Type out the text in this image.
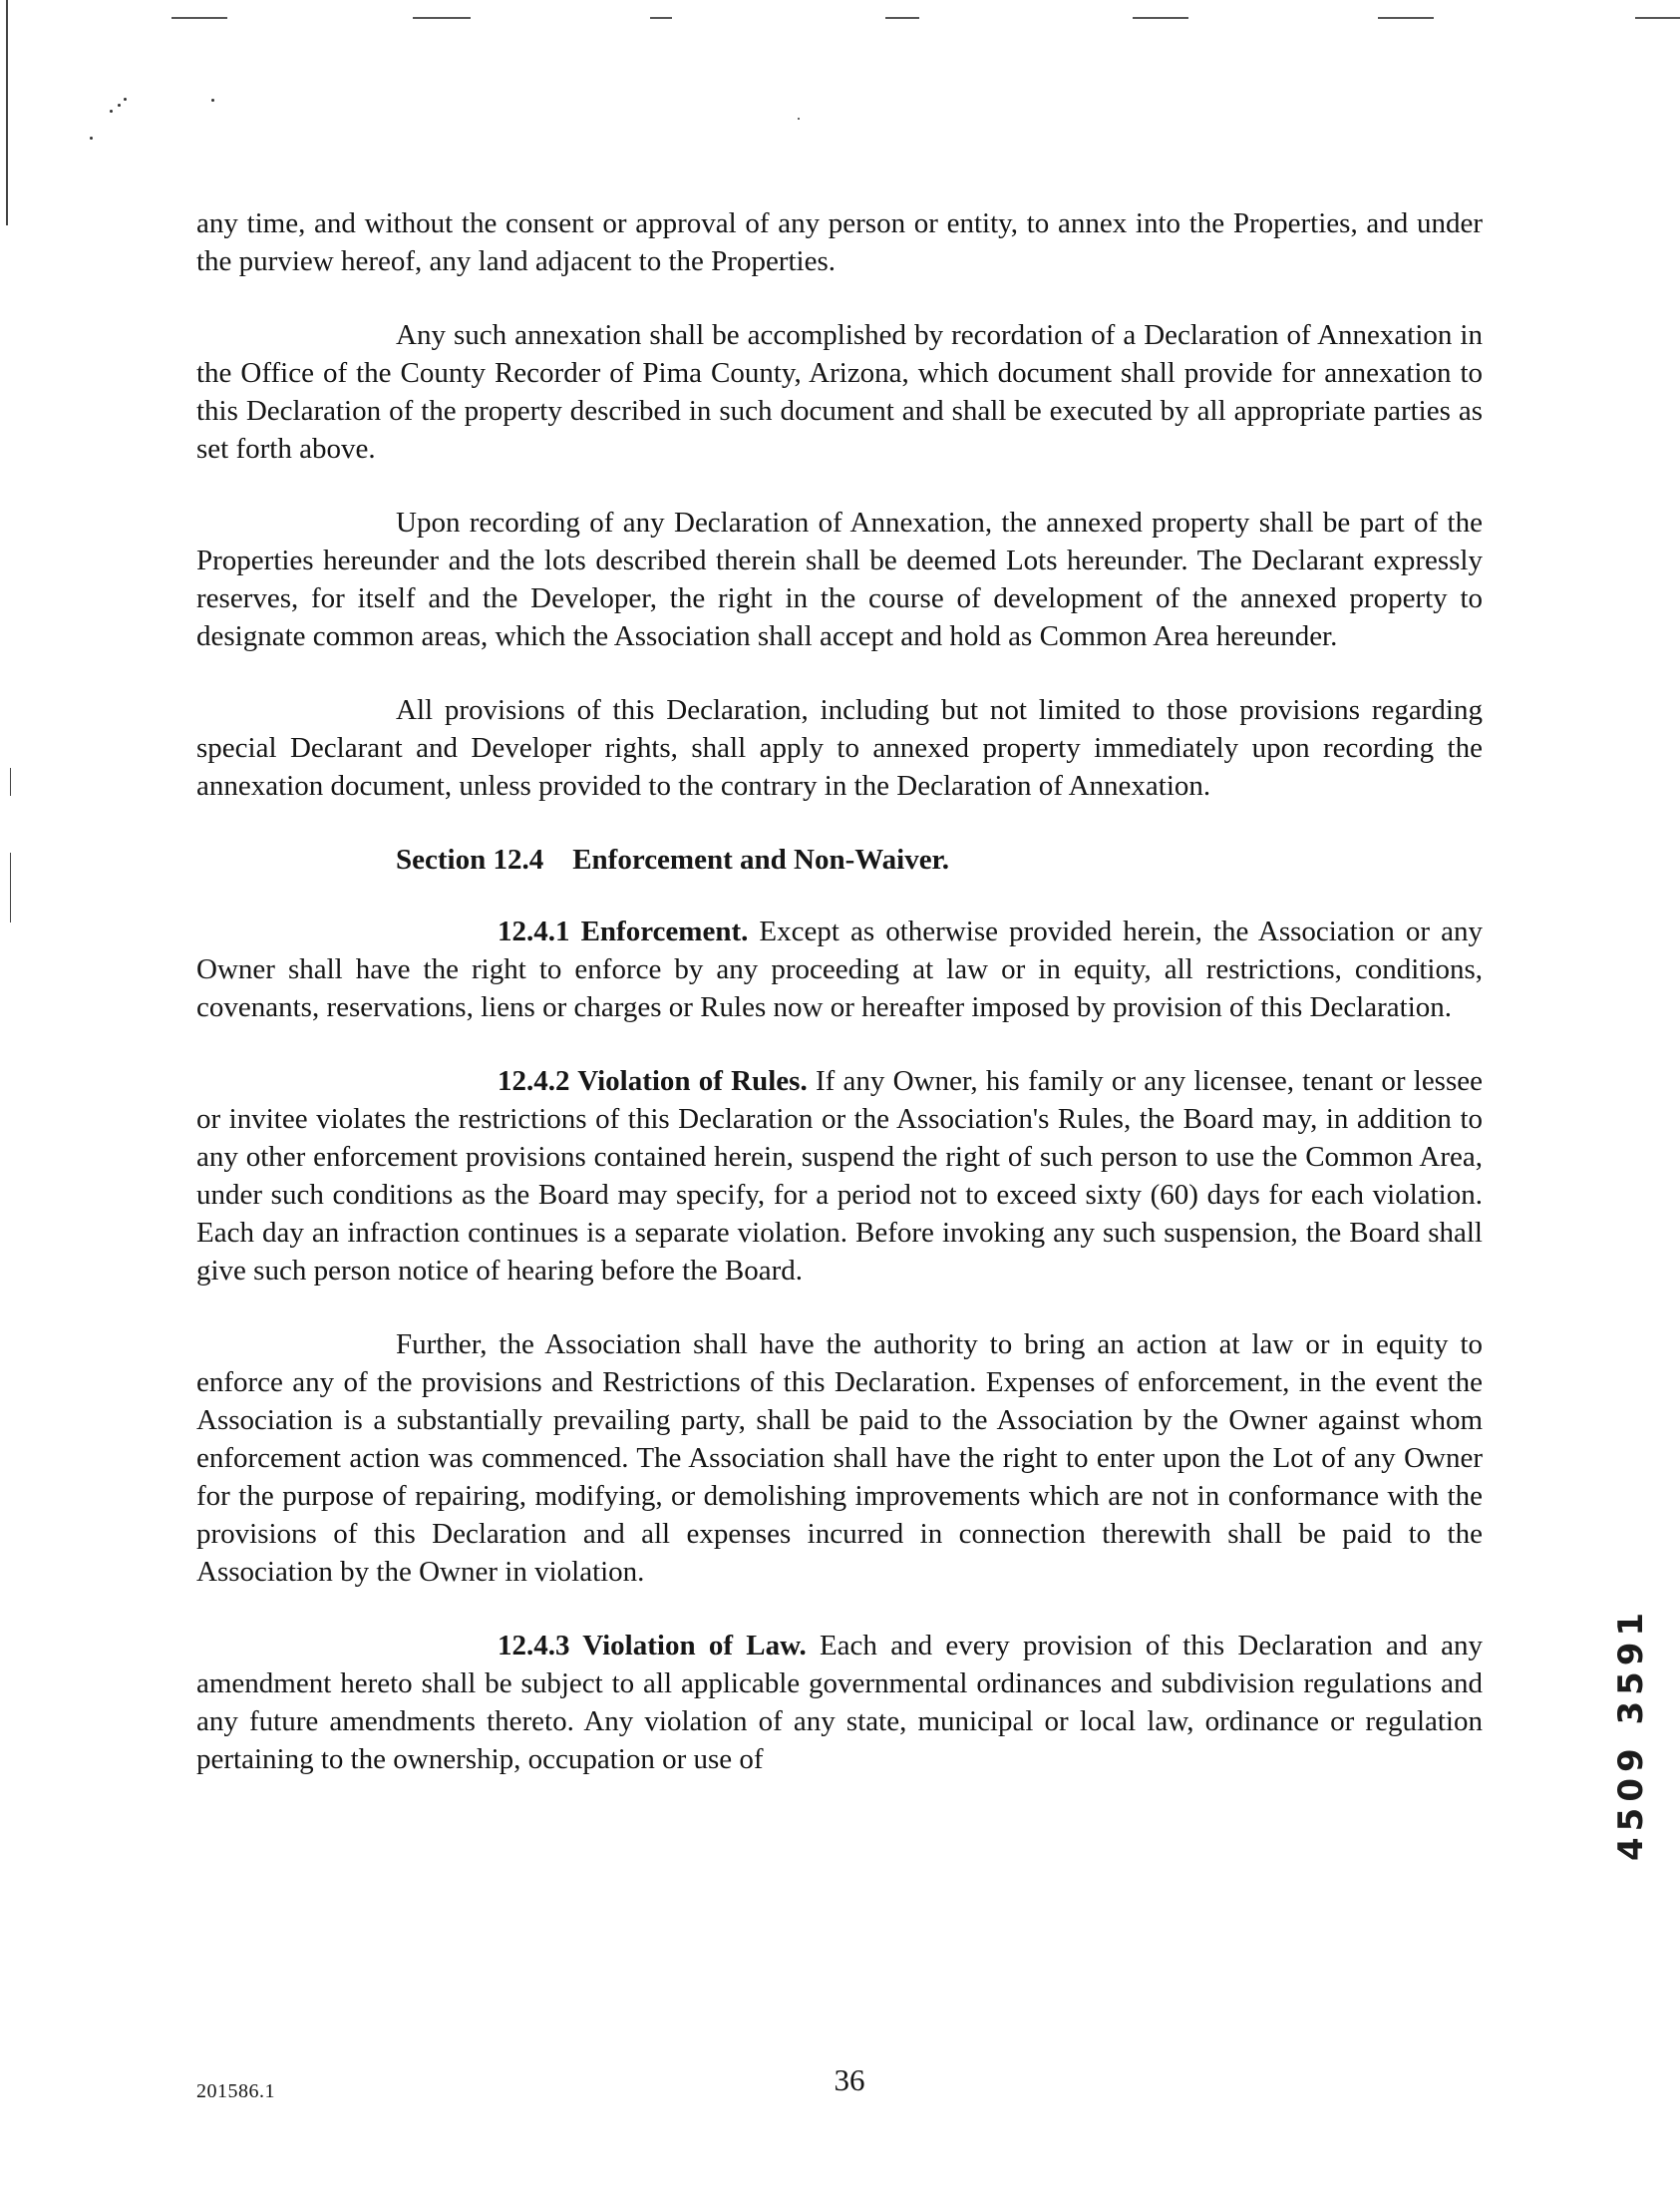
any time, and without the consent or approval of any person or entity, to annex into the Properties, and under the purview hereof, any land adjacent to the Properties.

Any such annexation shall be accomplished by recordation of a Declaration of Annexation in the Office of the County Recorder of Pima County, Arizona, which document shall provide for annexation to this Declaration of the property described in such document and shall be executed by all appropriate parties as set forth above.

Upon recording of any Declaration of Annexation, the annexed property shall be part of the Properties hereunder and the lots described therein shall be deemed Lots hereunder. The Declarant expressly reserves, for itself and the Developer, the right in the course of development of the annexed property to designate common areas, which the Association shall accept and hold as Common Area hereunder.

All provisions of this Declaration, including but not limited to those provisions regarding special Declarant and Developer rights, shall apply to annexed property immediately upon recording the annexation document, unless provided to the contrary in the Declaration of Annexation.

Section 12.4    Enforcement and Non-Waiver.

12.4.1 Enforcement. Except as otherwise provided herein, the Association or any Owner shall have the right to enforce by any proceeding at law or in equity, all restrictions, conditions, covenants, reservations, liens or charges or Rules now or hereafter imposed by provision of this Declaration.

12.4.2 Violation of Rules. If any Owner, his family or any licensee, tenant or lessee or invitee violates the restrictions of this Declaration or the Association's Rules, the Board may, in addition to any other enforcement provisions contained herein, suspend the right of such person to use the Common Area, under such conditions as the Board may specify, for a period not to exceed sixty (60) days for each violation. Each day an infraction continues is a separate violation. Before invoking any such suspension, the Board shall give such person notice of hearing before the Board.

Further, the Association shall have the authority to bring an action at law or in equity to enforce any of the provisions and Restrictions of this Declaration. Expenses of enforcement, in the event the Association is a substantially prevailing party, shall be paid to the Association by the Owner against whom enforcement action was commenced. The Association shall have the right to enter upon the Lot of any Owner for the purpose of repairing, modifying, or demolishing improvements which are not in conformance with the provisions of this Declaration and all expenses incurred in connection therewith shall be paid to the Association by the Owner in violation.

12.4.3 Violation of Law. Each and every provision of this Declaration and any amendment hereto shall be subject to all applicable governmental ordinances and subdivision regulations and any future amendments thereto. Any violation of any state, municipal or local law, ordinance or regulation pertaining to the ownership, occupation or use of

201586.1	36
4509 3591
